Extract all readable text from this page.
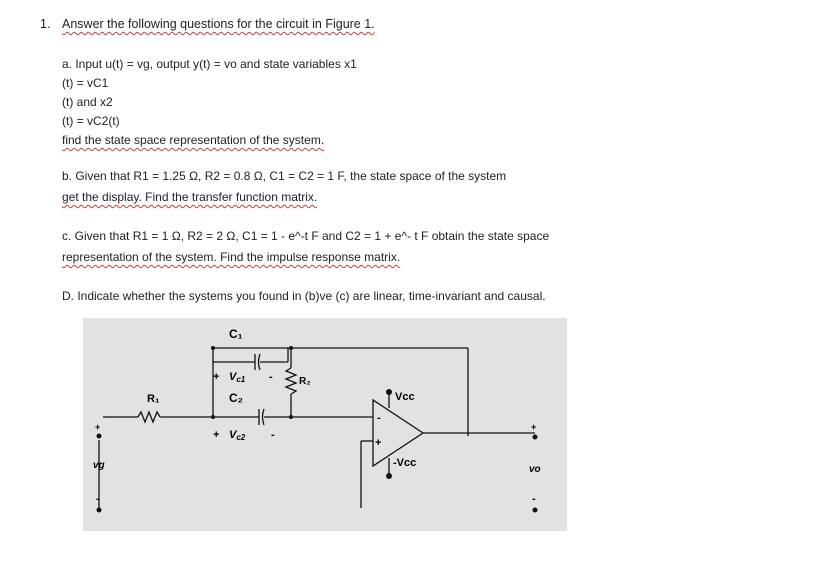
1. Answer the following questions for the circuit in Figure 1.
a. Input u(t) = vg, output y(t) = vo and state variables x1
(t) = vC1
(t) and x2
(t) = vC2(t)
find the state space representation of the system.
b. Given that R1 = 1.25 Ω, R2 = 0.8 Ω, C1 = C2 = 1 F, the state space of the system
get the display. Find the transfer function matrix.
c. Given that R1 = 1 Ω, R2 = 2 Ω, C1 = 1 - e^-t F and C2 = 1 + e^- t F obtain the state space
representation of the system. Find the impulse response matrix.
D. Indicate whether the systems you found in (b)ve (c) are linear, time-invariant and causal.
C₁
+ Vc1 -
C₂
+ Vc2 -
R₁
R₂
Vcc
-Vcc
-
+
vg	vo
+
-
+
-
